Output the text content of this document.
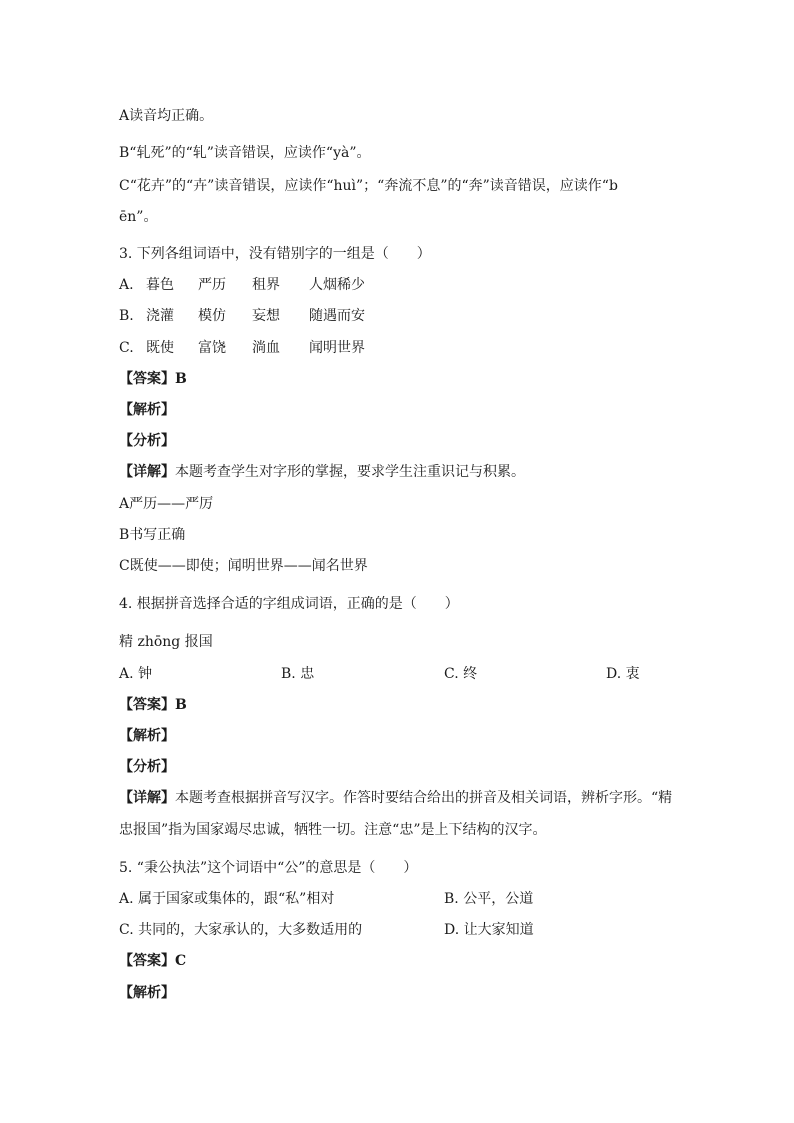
A读音均正确。
B“轧死”的“轧”读音错误，应读作“yà”。
C“花卉”的“卉”读音错误，应读作“huì”；“奔流不息”的“奔”读音错误，应读作“b
ēn”。
3. 下列各组词语中，没有错别字的一组是（　　）
A. 暮色 严历 租界 人烟稀少
B. 浇灌 模仿 妄想 随遇而安
C. 既使 富饶 淌血 闻明世界
【答案】B
【解析】
【分析】
【详解】本题考查学生对字形的掌握，要求学生注重识记与积累。
A严历——严厉
B书写正确
C既使——即使；闻明世界——闻名世界
4. 根据拼音选择合适的字组成词语，正确的是（　　）
精 zhōng 报国
A. 钟	B. 忠	C. 终	D. 衷
【答案】B
【解析】
【分析】
【详解】本题考查根据拼音写汉字。作答时要结合给出的拼音及相关词语，辨析字形。“精
忠报国”指为国家竭尽忠诚，牺牲一切。注意“忠”是上下结构的汉字。
5. “秉公执法”这个词语中“公”的意思是（　　）
A. 属于国家或集体的，跟“私”相对	B. 公平，公道
C. 共同的，大家承认的，大多数适用的	D. 让大家知道
【答案】C
【解析】
